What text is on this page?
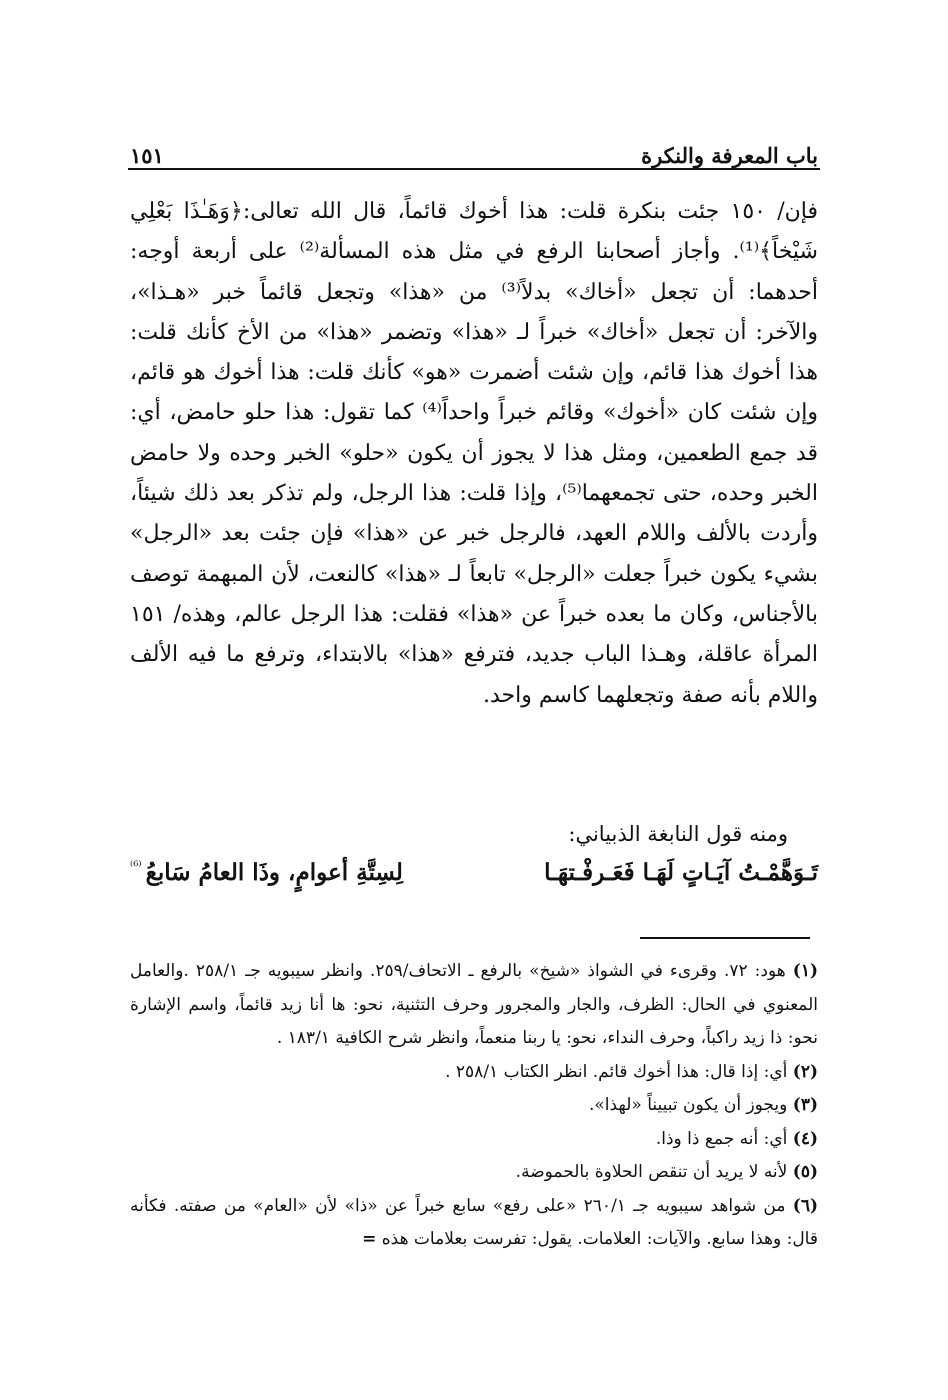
باب المعرفة والنكرة
١٥١

فإن/ ١٥٠ جئت بنكرة قلت: هذا أخوك قائماً، قال الله تعالى:﴿وَهَـٰذَا بَعْلِي شَيْخاً﴾⁽¹⁾. وأجاز أصحابنا الرفع في مثل هذه المسألة⁽²⁾ على أربعة أوجه: أحدهما: أن تجعل «أخاك» بدلاً⁽³⁾ من «هذا» وتجعل قائماً خبر «هـذا»، والآخر: أن تجعل «أخاك» خبراً لـ «هذا» وتضمر «هذا» من الأخ كأنك قلت: هذا أخوك هذا قائم، وإن شئت أضمرت «هو» كأنك قلت: هذا أخوك هو قائم، وإن شئت كان «أخوك» وقائم خبراً واحداً⁽⁴⁾ كما تقول: هذا حلو حامض، أي: قد جمع الطعمين، ومثل هذا لا يجوز أن يكون «حلو» الخبر وحده ولا حامض الخبر وحده، حتى تجمعهما⁽⁵⁾، وإذا قلت: هذا الرجل، ولم تذكر بعد ذلك شيئاً، وأردت بالألف واللام العهد، فالرجل خبر عن «هذا» فإن جئت بعد «الرجل» بشيء يكون خبراً جعلت «الرجل» تابعاً لـ «هذا» كالنعت، لأن المبهمة توصف بالأجناس، وكان ما بعده خبراً عن «هذا» فقلت: هذا الرجل عالم، وهذه/ ١٥١ المرأة عاقلة، وهـذا الباب جديد، فترفع «هذا» بالابتداء، وترفع ما فيه الألف واللام بأنه صفة وتجعلهما كاسم واحد.

ومنه قول النابغة الذبياني:
تَـوَهَّمْـتُ آيَـاتٍ لَهَـا فَعَـرفْـتهَـا
لِسِتَّةِ أعوامٍ، وذَا العامُ سَابعُ
⁽⁶⁾
(١) هود: ٧٢. وقرىء في الشواذ «شيخ» بالرفع ـ الاتحاف/٢٥٩. وانظر سيبويه جـ ٢٥٨/١ .والعامل المعنوي في الحال: الظرف، والجار والمجرور وحرف التثنية، نحو: ها أنا زيد قائماً، واسم الإشارة نحو: ذا زيد راكباً، وحرف النداء، نحو: يا ربنا منعماً، وانظر شرح الكافية ١٨٣/١ .
(٢) أي: إذا قال: هذا أخوك قائم. انظر الكتاب ٢٥٨/١ .
(٣) ويجوز أن يكون تبييناً «لهذا».
(٤) أي: أنه جمع ذا وذا.
(٥) لأنه لا يريد أن تنقص الحلاوة بالحموضة.
(٦) من شواهد سيبويه جـ ٢٦٠/١ «على رفع» سابع خبراً عن «ذا» لأن «العام» من صفته. فكأنه قال: وهذا سابع. والآيات: العلامات. يقول: تفرست بعلامات هذه =
